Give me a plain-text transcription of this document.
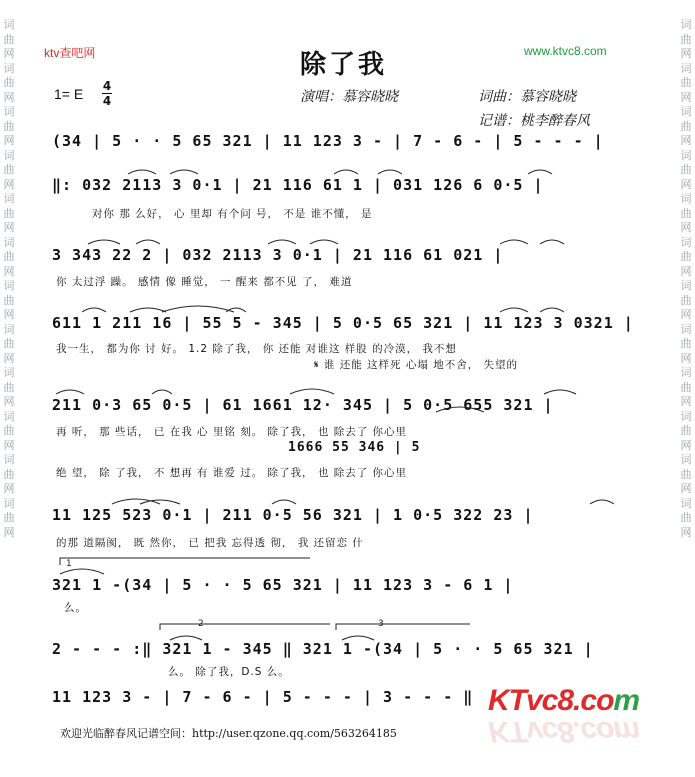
词曲网词曲网词曲网词曲网词曲网词曲网词曲网词曲网词曲网词曲网词曲网词曲网
词曲网词曲网词曲网词曲网词曲网词曲网词曲网词曲网词曲网词曲网词曲网词曲网
ktv查吧网	www.ktvc8.com
除了我
1= E 4
4	演唱：慕容晓晓	词曲：慕容晓晓
记谱：桃李醉春风
(34 | 5 · · 5 65 321 | 11 123 3 - | 7 - 6 - | 5 - - - |
‖: 032 2113 3 0·1 | 21 116 61 1 | 031 126 6 0·5 |
对你 那 么好， 心 里却 有个问 号， 不是 谁不懂， 是
3 343 22 2 | 032 2113 3 0·1 | 21 116 61 021 |
你 太过浮 躁。 感情 像 睡觉， 一 醒来 都不见 了， 难道
611 1 211 16 | 55 5 - 345 | 5 0·5 65 321 | 11 123 3 0321 |
我一生， 都为你 讨 好。 1.2 除了我， 你 还能 对谁这 样股 的冷漠， 我不想
𝄋 谁 还能 这样死 心塌 地不舍， 失望的
211 0·3 65 0·5 | 61 1661 12· 345 | 5 0·5 655 321 |
再 听， 那 些话， 已 在我 心 里铭 刻。 除了我， 也 除去了 你心里
1666 55 346 | 5
绝 望， 除 了我， 不 想再 有 谁爱 过。 除了我， 也 除去了 你心里
11 125 523 0·1 | 211 0·5 56 321 | 1 0·5 322 23 |
的那 道隔阂， 既 然你， 已 把我 忘得透 彻， 我 还留恋 什
321 1 -(34 | 5 · · 5 65 321 | 11 123 3 - 6 1 |
么。
2 - - - :‖ 321 1 - 345 ‖ 321 1 -(34 | 5 · · 5 65 321 |
么。 除了我，D.S 么。
11 123 3 - | 7 - 6 - | 5 - - - | 3 - - - ‖
1
2	3
欢迎光临醉春风记谱空间：http://user.qzone.qq.com/563264185
KTvc8.com
KTvc8.com
